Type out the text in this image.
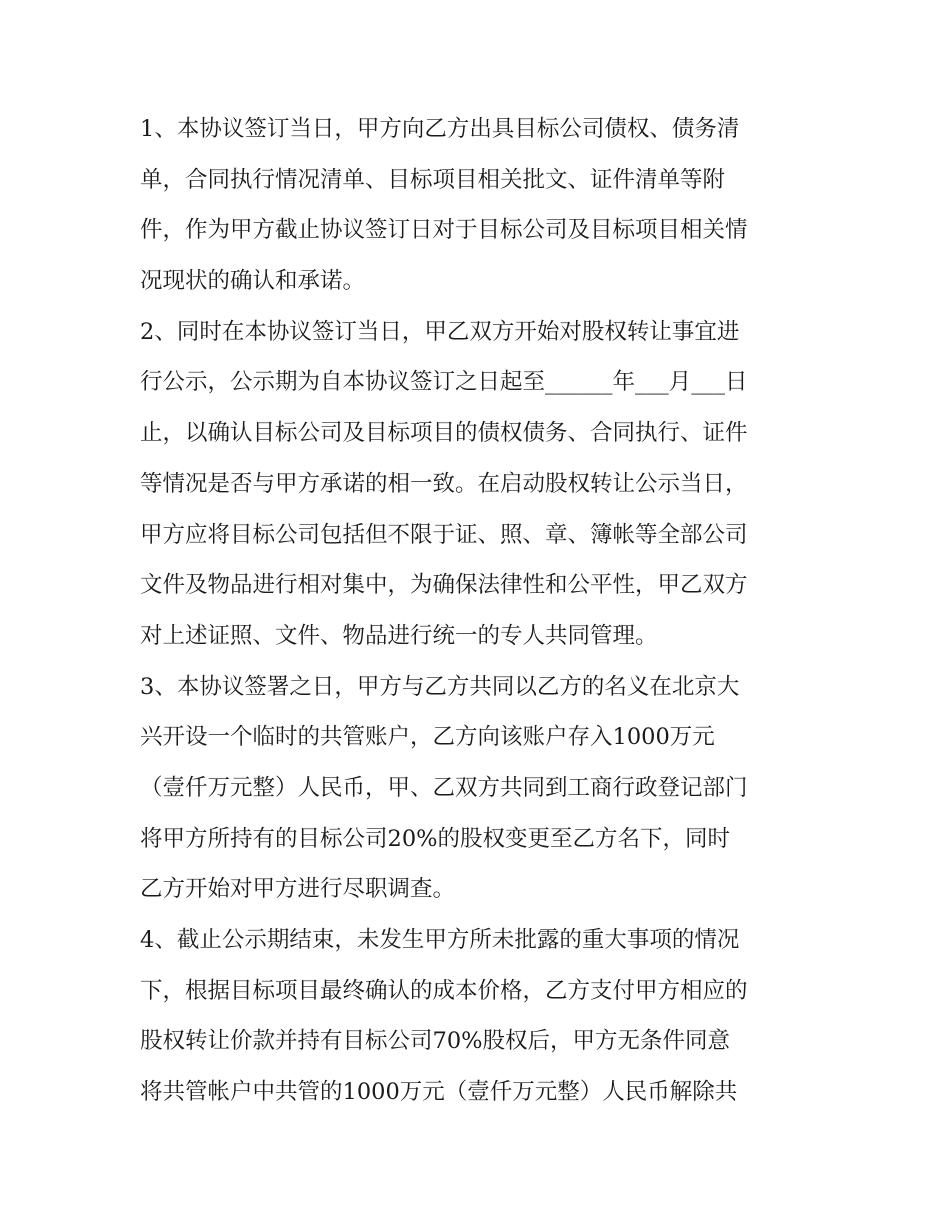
1、本协议签订当日，甲方向乙方出具目标公司债权、债务清
单，合同执行情况清单、目标项目相关批文、证件清单等附
件，作为甲方截止协议签订日对于目标公司及目标项目相关情
况现状的确认和承诺。
2、同时在本协议签订当日，甲乙双方开始对股权转让事宜进
行公示，公示期为自本协议签订之日起至______年___月___日
止，以确认目标公司及目标项目的债权债务、合同执行、证件
等情况是否与甲方承诺的相一致。在启动股权转让公示当日，
甲方应将目标公司包括但不限于证、照、章、簿帐等全部公司
文件及物品进行相对集中，为确保法律性和公平性，甲乙双方
对上述证照、文件、物品进行统一的专人共同管理。
3、本协议签署之日，甲方与乙方共同以乙方的名义在北京大
兴开设一个临时的共管账户，乙方向该账户存入1000万元
（壹仟万元整）人民币，甲、乙双方共同到工商行政登记部门
将甲方所持有的目标公司20%的股权变更至乙方名下，同时
乙方开始对甲方进行尽职调查。
4、截止公示期结束，未发生甲方所未批露的重大事项的情况
下，根据目标项目最终确认的成本价格，乙方支付甲方相应的
股权转让价款并持有目标公司70%股权后，甲方无条件同意
将共管帐户中共管的1000万元（壹仟万元整）人民币解除共
